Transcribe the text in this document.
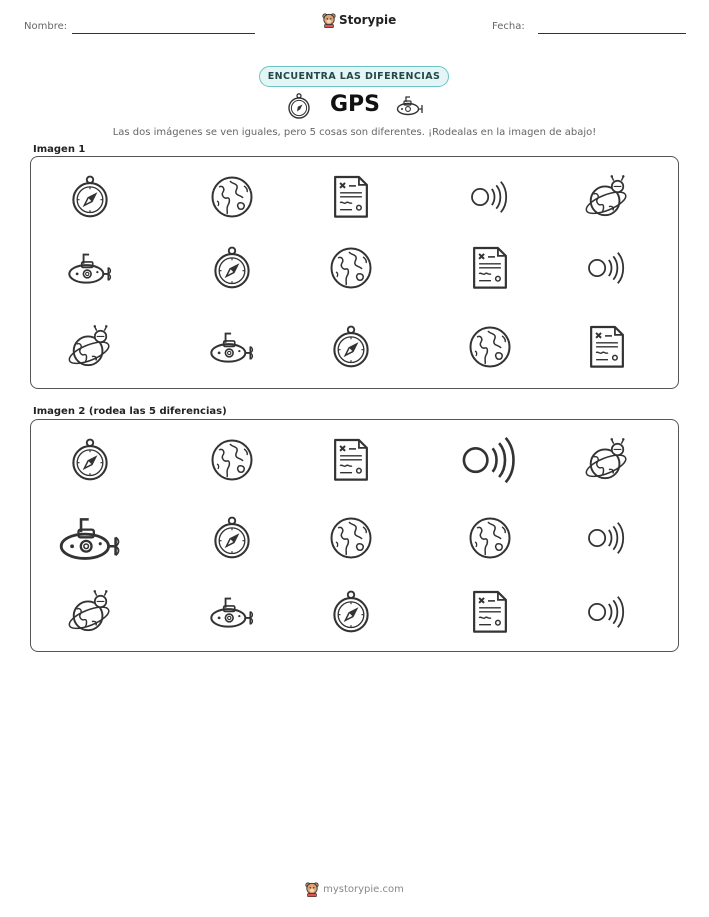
Nombre:	Storypie	Fecha:
ENCUENTRA LAS DIFERENCIAS
GPS
Las dos imágenes se ven iguales, pero 5 cosas son diferentes. ¡Rodealas en la imagen de abajo!
Imagen 1
Imagen 2 (rodea las 5 diferencias)
mystorypie.com
